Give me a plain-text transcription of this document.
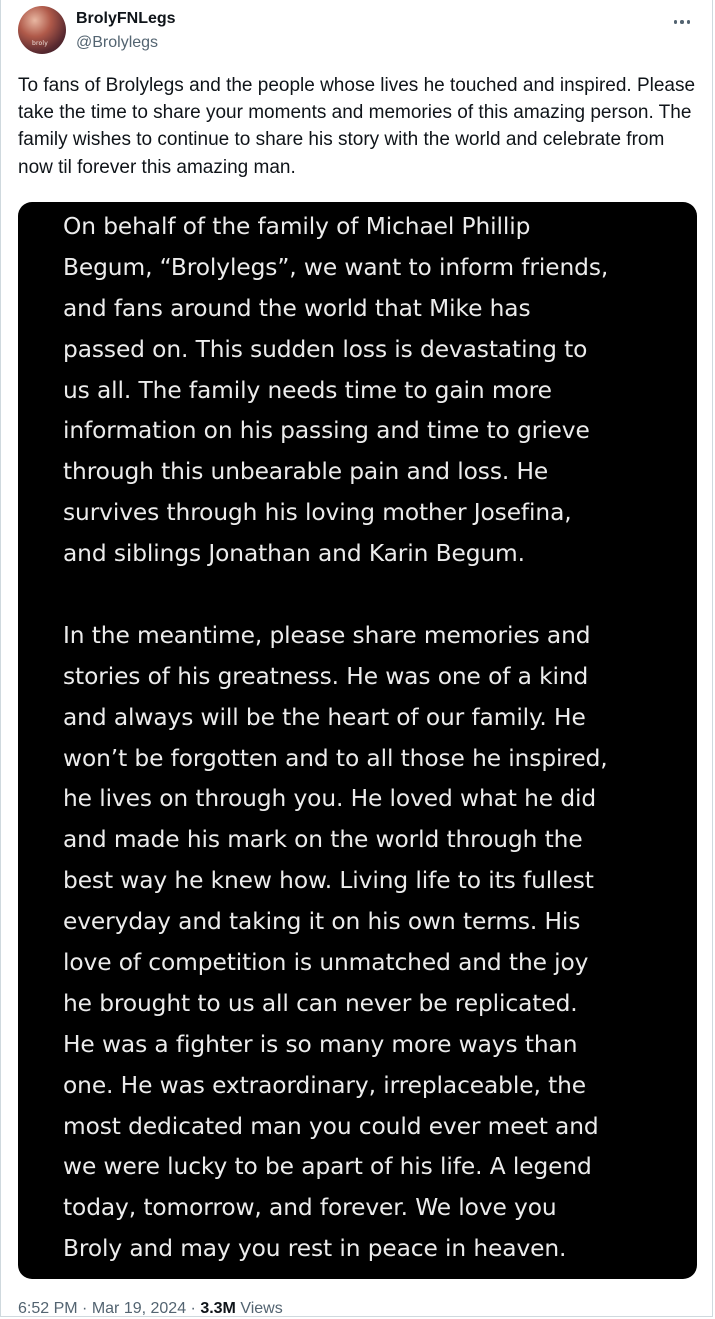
broly
BrolyFNLegs
@Brolylegs

To fans of Brolylegs and the people whose lives he touched and inspired. Please take the time to share your moments and memories of this amazing person. The family wishes to continue to share his story with the world and celebrate from now til forever this amazing man.

On behalf of the family of Michael Phillip
Begum, “Brolylegs”, we want to inform friends,
and fans around the world that Mike has
passed on. This sudden loss is devastating to
us all. The family needs time to gain more
information on his passing and time to grieve
through this unbearable pain and loss. He
survives through his loving mother Josefina,
and siblings Jonathan and Karin Begum.
In the meantime, please share memories and
stories of his greatness. He was one of a kind
and always will be the heart of our family. He
won’t be forgotten and to all those he inspired,
he lives on through you. He loved what he did
and made his mark on the world through the
best way he knew how. Living life to its fullest
everyday and taking it on his own terms. His
love of competition is unmatched and the joy
he brought to us all can never be replicated.
He was a fighter is so many more ways than
one. He was extraordinary, irreplaceable, the
most dedicated man you could ever meet and
we were lucky to be apart of his life. A legend
today, tomorrow, and forever. We love you
Broly and may you rest in peace in heaven.
6:52 PM · Mar 19, 2024 · 3.3M Views
